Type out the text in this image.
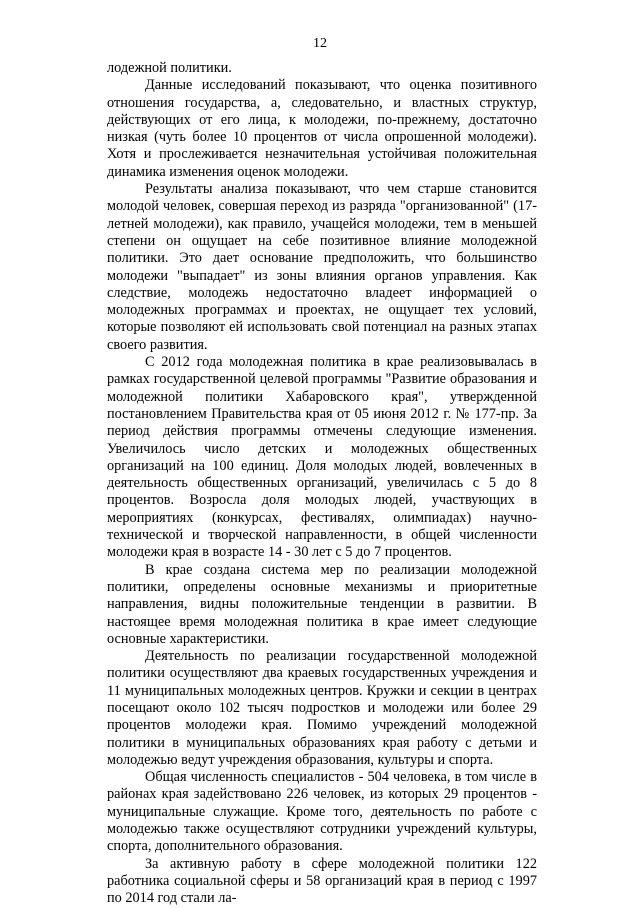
12

лодежной политики.

Данные исследований показывают, что оценка позитивного отношения государства, а, следовательно, и властных структур, действующих от его лица, к молодежи, по-прежнему, достаточно низкая (чуть более 10 процентов от числа опрошенной молодежи). Хотя и прослеживается незначительная устойчивая положительная динамика изменения оценок молодежи.

Результаты анализа показывают, что чем старше становится молодой человек, совершая переход из разряда "организованной" (17-летней молодежи), как правило, учащейся молодежи, тем в меньшей степени он ощущает на себе позитивное влияние молодежной политики. Это дает основание предположить, что большинство молодежи "выпадает" из зоны влияния органов управления. Как следствие, молодежь недостаточно владеет информацией о молодежных программах и проектах, не ощущает тех условий, которые позволяют ей использовать свой потенциал на разных этапах своего развития.

С 2012 года молодежная политика в крае реализовывалась в рамках государственной целевой программы "Развитие образования и молодежной политики Хабаровского края", утвержденной постановлением Правительства края от 05 июня 2012 г. № 177-пр. За период действия программы отмечены следующие изменения. Увеличилось число детских и молодежных общественных организаций на 100 единиц. Доля молодых людей, вовлеченных в деятельность общественных организаций, увеличилась с 5 до 8 процентов. Возросла доля молодых людей, участвующих в мероприятиях (конкурсах, фестивалях, олимпиадах) научно-технической и творческой направленности, в общей численности молодежи края в возрасте 14 - 30 лет с 5 до 7 процентов.

В крае создана система мер по реализации молодежной политики, определены основные механизмы и приоритетные направления, видны положительные тенденции в развитии. В настоящее время молодежная политика в крае имеет следующие основные характеристики.

Деятельность по реализации государственной молодежной политики осуществляют два краевых государственных учреждения и 11 муниципальных молодежных центров. Кружки и секции в центрах посещают около 102 тысяч подростков и молодежи или более 29 процентов молодежи края. Помимо учреждений молодежной политики в муниципальных образованиях края работу с детьми и молодежью ведут учреждения образования, культуры и спорта.

Общая численность специалистов - 504 человека, в том числе в районах края задействовано 226 человек, из которых 29 процентов - муниципальные служащие. Кроме того, деятельность по работе с молодежью также осуществляют сотрудники учреждений культуры, спорта, дополнительного образования.

За активную работу в сфере молодежной политики 122 работника социальной сферы и 58 организаций края в период с 1997 по 2014 год стали ла-
